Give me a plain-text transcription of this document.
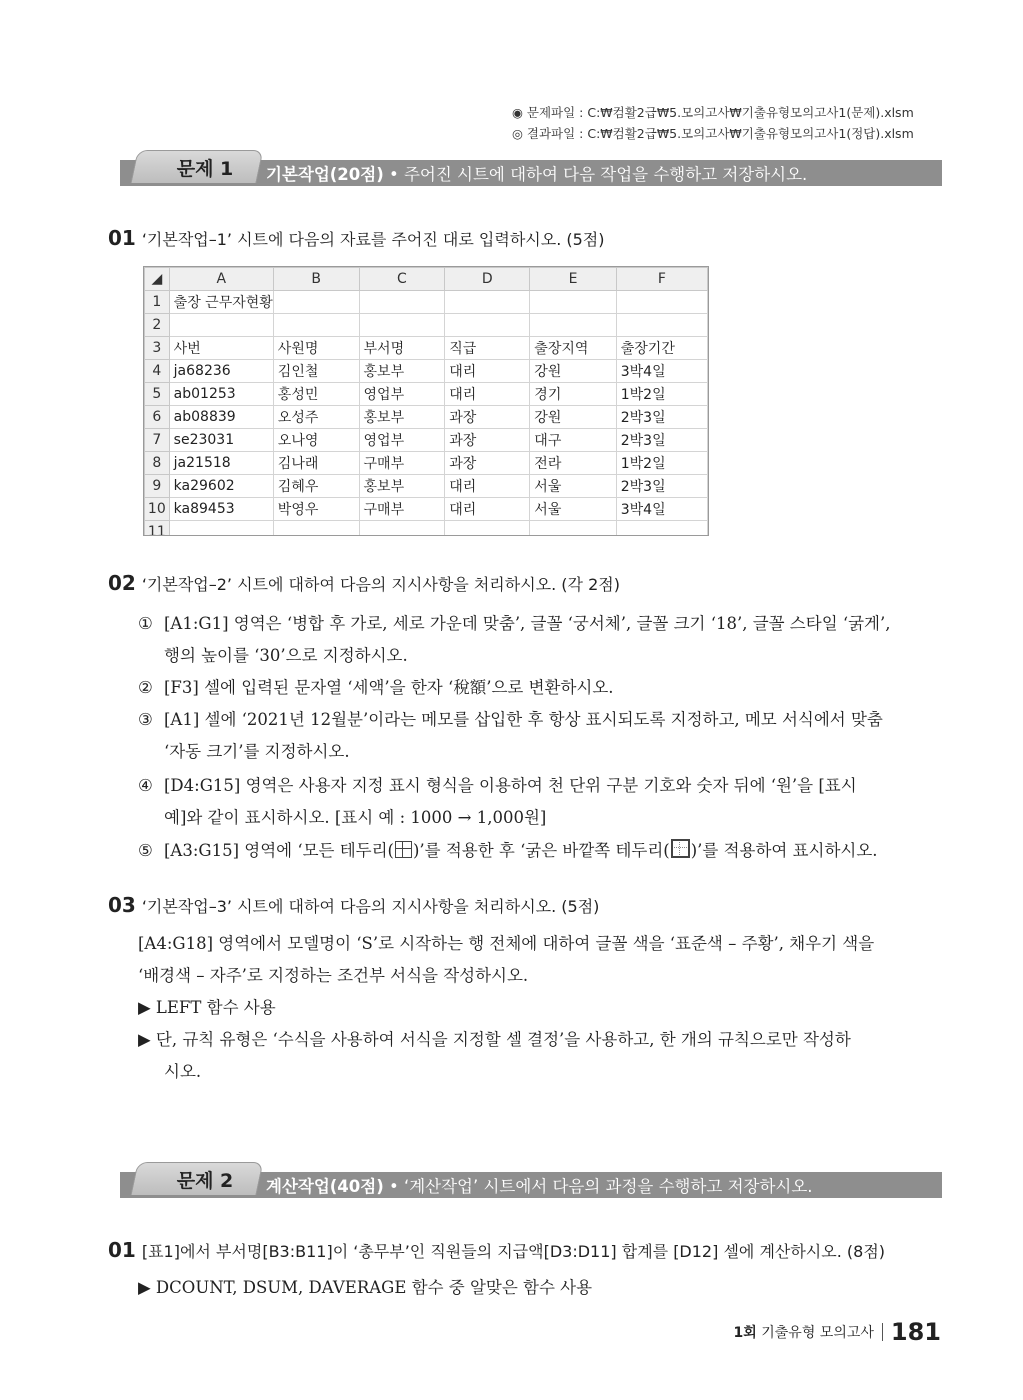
◉ 문제파일 : C:₩컴활2급₩5.모의고사₩기출유형모의고사1(문제).xlsm
◎ 결과파일 : C:₩컴활2급₩5.모의고사₩기출유형모의고사1(정답).xlsm
문제 1	기본작업(20점) • 주어진 시트에 대하여 다음 작업을 수행하고 저장하시오.
01 ‘기본작업–1’ 시트에 다음의 자료를 주어진 대로 입력하시오. (5점)
◢	A	B	C	D	E	F
1	출장 근무자현황					
2						
3	사번	사원명	부서명	직급	출장지역	출장기간
4	ja68236	김인철	홍보부	대리	강원	3박4일
5	ab01253	홍성민	영업부	대리	경기	1박2일
6	ab08839	오성주	홍보부	과장	강원	2박3일
7	se23031	오나영	영업부	과장	대구	2박3일
8	ja21518	김나래	구매부	과장	전라	1박2일
9	ka29602	김혜우	홍보부	대리	서울	2박3일
10	ka89453	박영우	구매부	대리	서울	3박4일
11						
02 ‘기본작업–2’ 시트에 대하여 다음의 지시사항을 처리하시오. (각 2점)
① [A1:G1] 영역은 ‘병합 후 가로, 세로 가운데 맞춤’, 글꼴 ‘궁서체’, 글꼴 크기 ‘18’, 글꼴 스타일 ‘굵게’,
행의 높이를 ‘30’으로 지정하시오.
② [F3] 셀에 입력된 문자열 ‘세액’을 한자 ‘稅額’으로 변환하시오.
③ [A1] 셀에 ‘2021년 12월분’이라는 메모를 삽입한 후 항상 표시되도록 지정하고, 메모 서식에서 맞춤
‘자동 크기’를 지정하시오.
④ [D4:G15] 영역은 사용자 지정 표시 형식을 이용하여 천 단위 구분 기호와 숫자 뒤에 ‘원’을 [표시
예]와 같이 표시하시오. [표시 예 : 1000 → 1,000원]
⑤ [A3:G15] 영역에 ‘모든 테두리( )’를 적용한 후 ‘굵은 바깥쪽 테두리( )’를 적용하여 표시하시오.
03 ‘기본작업–3’ 시트에 대하여 다음의 지시사항을 처리하시오. (5점)
[A4:G18] 영역에서 모델명이 ‘S’로 시작하는 행 전체에 대하여 글꼴 색을 ‘표준색 – 주황’, 채우기 색을
‘배경색 – 자주’로 지정하는 조건부 서식을 작성하시오.
▶ LEFT 함수 사용
▶ 단, 규칙 유형은 ‘수식을 사용하여 서식을 지정할 셀 결정’을 사용하고, 한 개의 규칙으로만 작성하
시오.
문제 2	계산작업(40점) • ‘계산작업’ 시트에서 다음의 과정을 수행하고 저장하시오.
01 [표1]에서 부서명[B3:B11]이 ‘총무부’인 직원들의 지급액[D3:D11] 합계를 [D12] 셀에 계산하시오. (8점)
▶ DCOUNT, DSUM, DAVERAGE 함수 중 알맞은 함수 사용
1회 기출유형 모의고사 181
